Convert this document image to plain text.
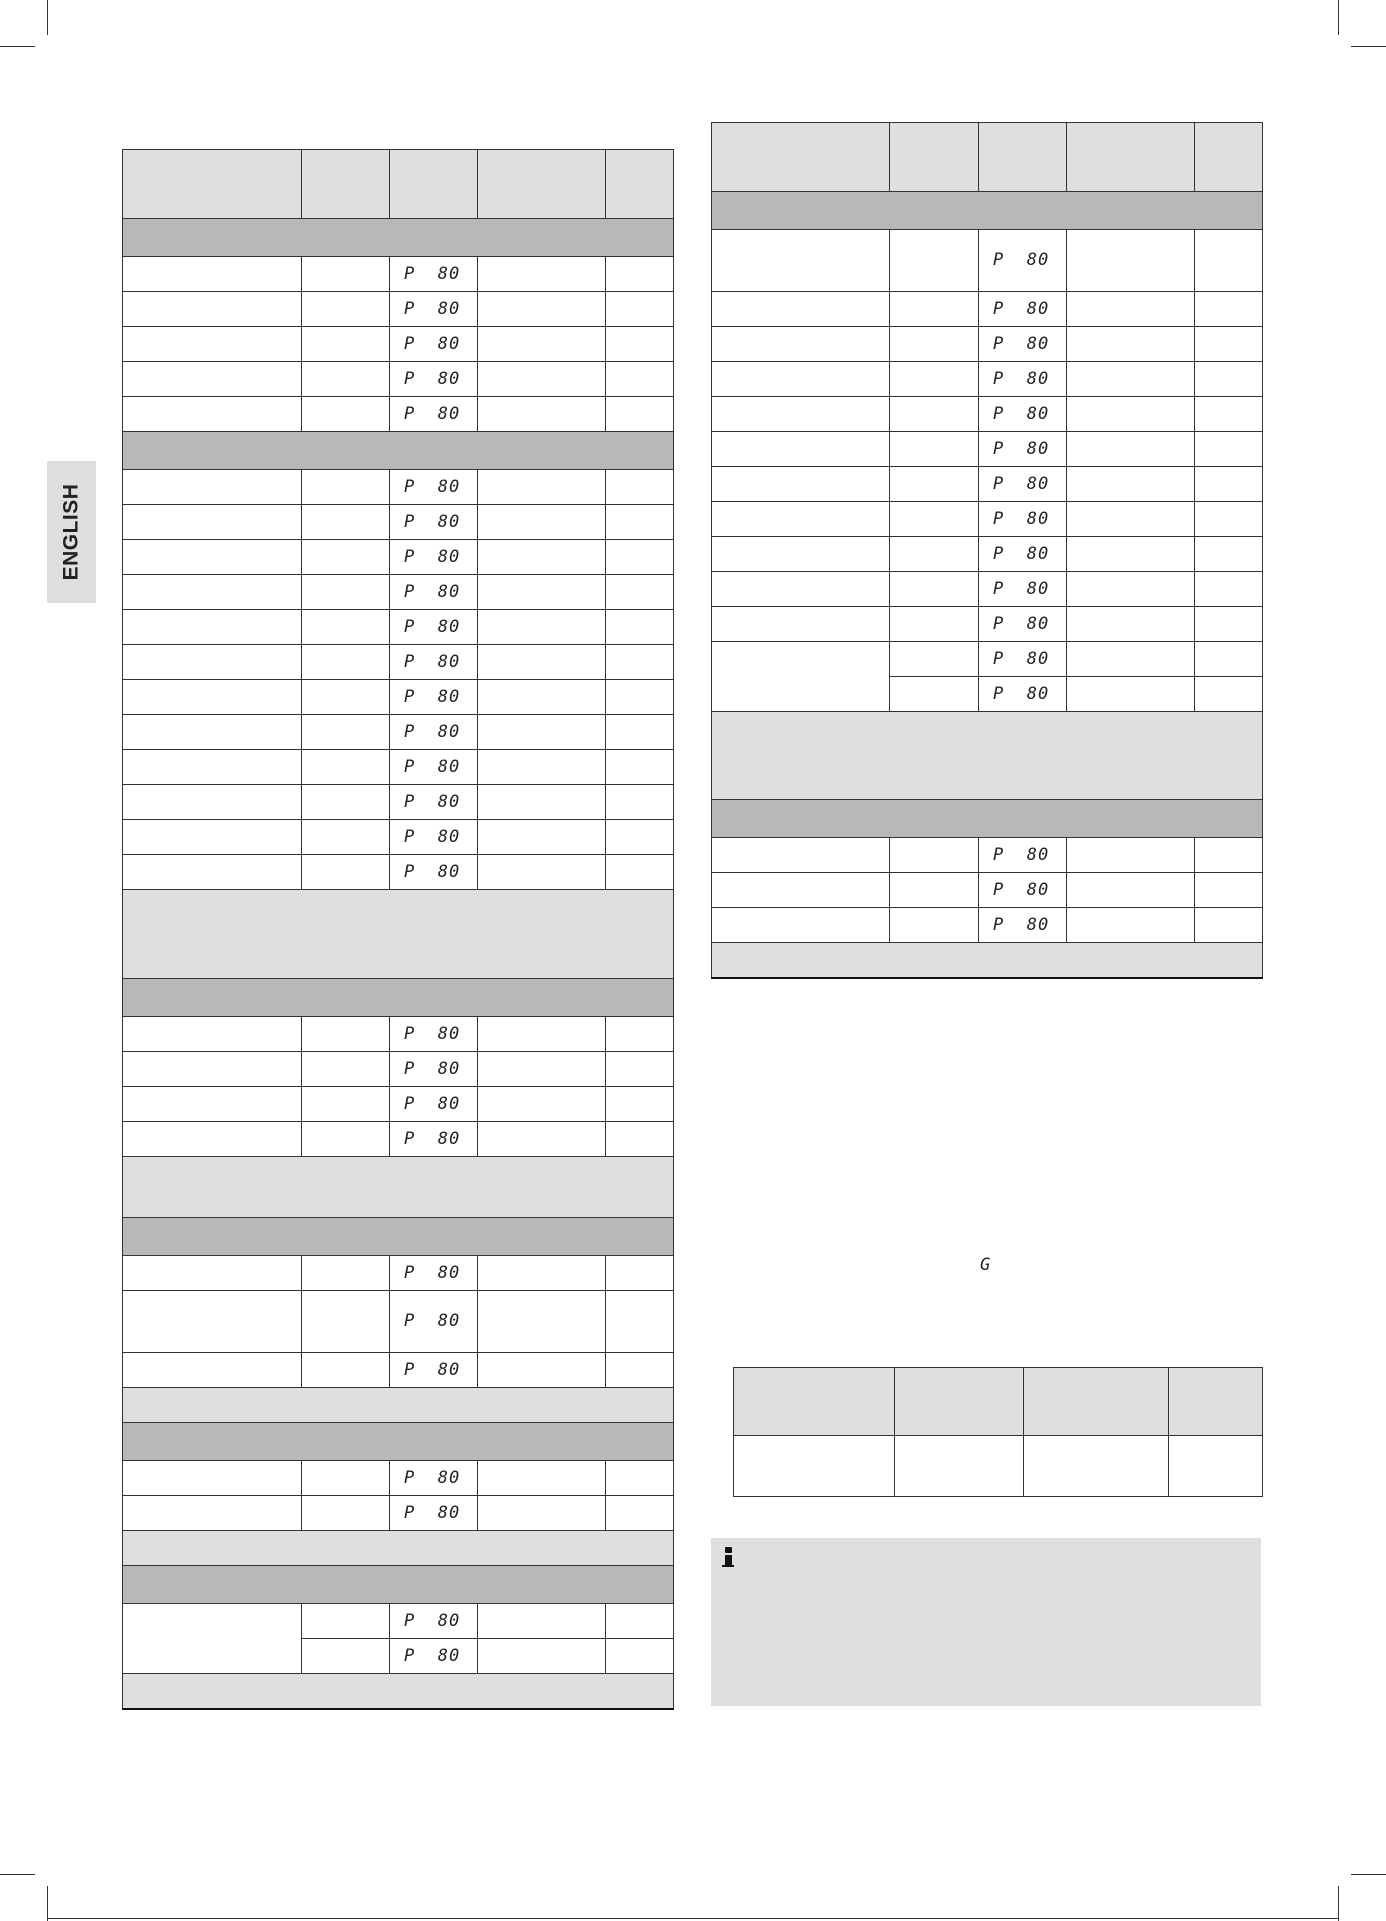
ENGLISH

		P  80		
		P  80		
		P  80		
		P  80		
		P  80		

		P  80		
		P  80		
		P  80		
		P  80		
		P  80		
		P  80		
		P  80		
		P  80		
		P  80		
		P  80		
		P  80		
		P  80		

		P  80		
		P  80		
		P  80		
		P  80		

		P  80		
		P  80		
		P  80		

		P  80		
		P  80		

		P  80		
		P  80		

		P  80		
		P  80		
		P  80		
		P  80		
		P  80		
		P  80		
		P  80		
		P  80		
		P  80		
		P  80		
		P  80		
		P  80		
		P  80		

		P  80		
		P  80		
		P  80		

G
